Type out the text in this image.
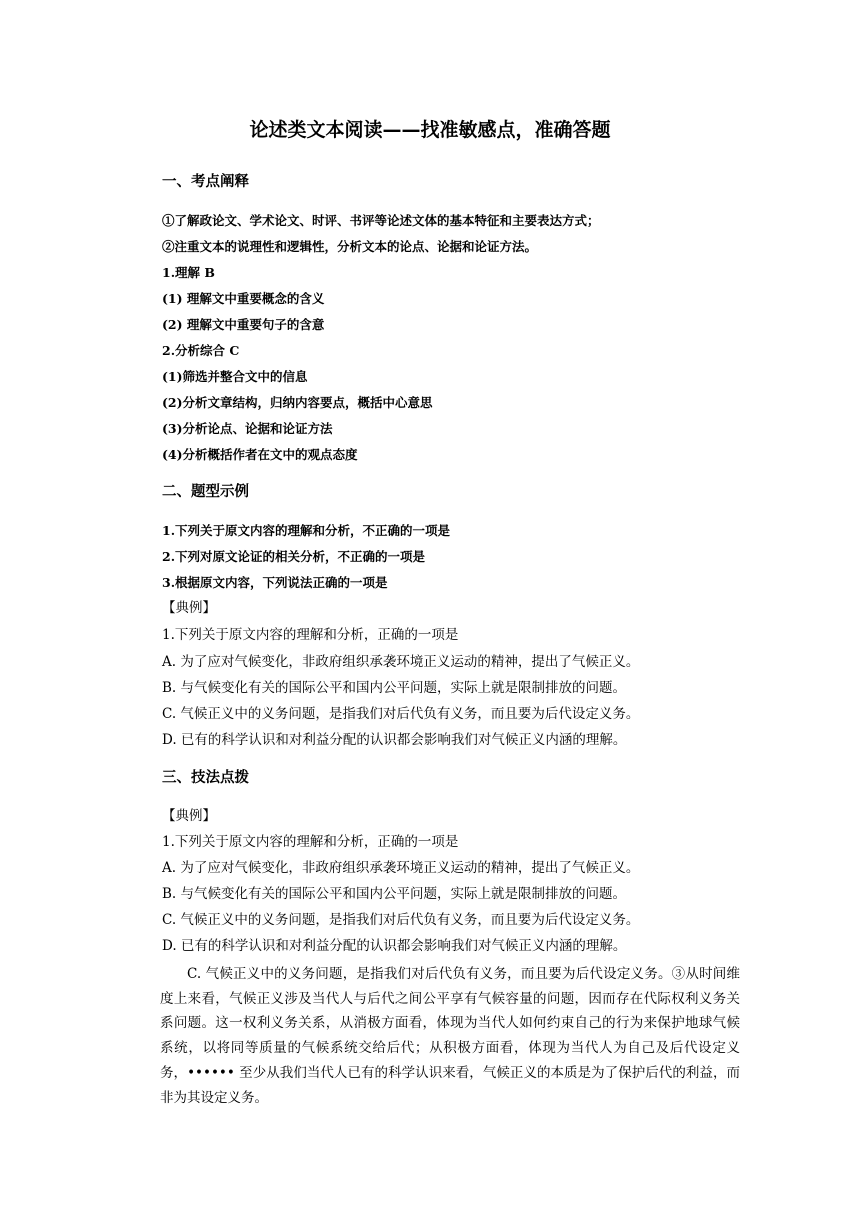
论述类文本阅读——找准敏感点，准确答题

一、考点阐释

①了解政论文、学术论文、时评、书评等论述文体的基本特征和主要表达方式；

②注重文本的说理性和逻辑性，分析文本的论点、论据和论证方法。

1.理解 B

(1) 理解文中重要概念的含义

(2) 理解文中重要句子的含意

2.分析综合 C

(1)筛选并整合文中的信息

(2)分析文章结构，归纳内容要点，概括中心意思

(3)分析论点、论据和论证方法

(4)分析概括作者在文中的观点态度

二、题型示例

1.下列关于原文内容的理解和分析，不正确的一项是

2.下列对原文论证的相关分析，不正确的一项是

3.根据原文内容，下列说法正确的一项是

【典例】

1.下列关于原文内容的理解和分析，正确的一项是

A. 为了应对气候变化，非政府组织承袭环境正义运动的精神，提出了气候正义。

B. 与气候变化有关的国际公平和国内公平问题，实际上就是限制排放的问题。

C. 气候正义中的义务问题，是指我们对后代负有义务，而且要为后代设定义务。

D. 已有的科学认识和对利益分配的认识都会影响我们对气候正义内涵的理解。

三、技法点拨

【典例】

1.下列关于原文内容的理解和分析，正确的一项是

A. 为了应对气候变化，非政府组织承袭环境正义运动的精神，提出了气候正义。

B. 与气候变化有关的国际公平和国内公平问题，实际上就是限制排放的问题。

C. 气候正义中的义务问题，是指我们对后代负有义务，而且要为后代设定义务。

D. 已有的科学认识和对利益分配的认识都会影响我们对气候正义内涵的理解。

C. 气候正义中的义务问题，是指我们对后代负有义务，而且要为后代设定义务。③从时间维度上来看，气候正义涉及当代人与后代之间公平享有气候容量的问题，因而存在代际权利义务关系问题。这一权利义务关系，从消极方面看，体现为当代人如何约束自己的行为来保护地球气候系统，以将同等质量的气候系统交给后代；从积极方面看，体现为当代人为自己及后代设定义务，•••••• 至少从我们当代人已有的科学认识来看，气候正义的本质是为了保护后代的利益，而非为其设定义务。
